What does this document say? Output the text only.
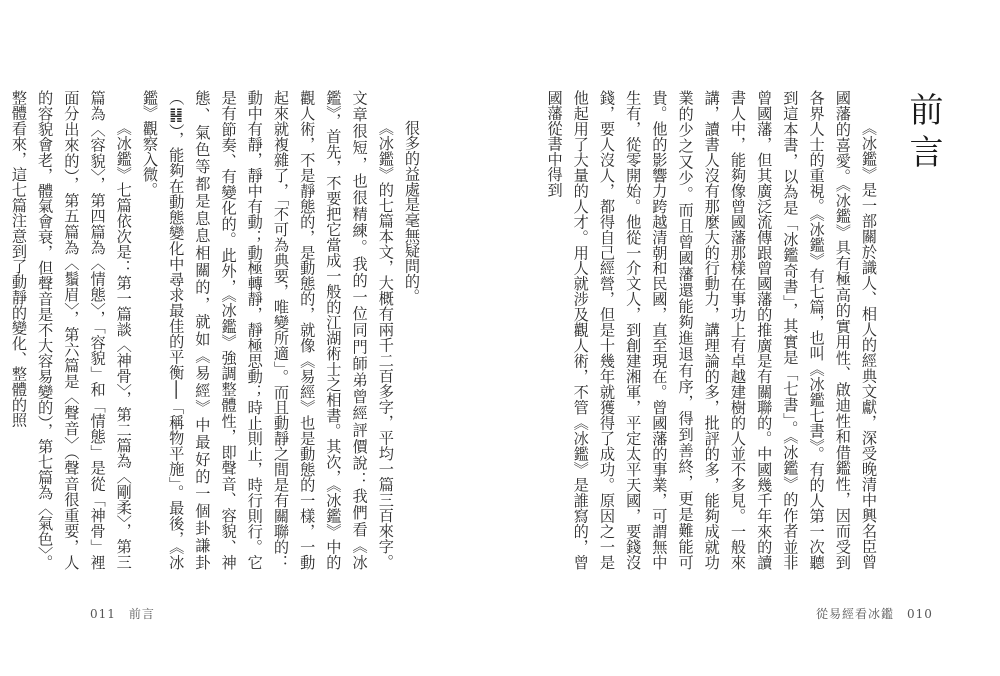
前言

《冰鑑》是一部關於識人、相人的經典文獻，深受晚清中興名臣曾國藩的喜愛。《冰鑑》具有極高的實用性、啟迪性和借鑑性，因而受到各界人士的重視。《冰鑑》有七篇，也叫《冰鑑七書》。有的人第一次聽到這本書，以為是「冰鑑奇書」，其實是「七書」。《冰鑑》的作者並非曾國藩，但其廣泛流傳跟曾國藩的推廣是有關聯的。中國幾千年來的讀書人中，能夠像曾國藩那樣在事功上有卓越建樹的人並不多見。一般來講，讀書人沒有那麼大的行動力，講理論的多，批評的多，能夠成就功業的少之又少。而且曾國藩還能夠進退有序，得到善終，更是難能可貴。他的影響力跨越清朝和民國，直至現在。曾國藩的事業，可謂無中生有，從零開始。他從一介文人，到創建湘軍，平定太平天國，要錢沒錢，要人沒人，都得自己經營，但是十幾年就獲得了成功。原因之一是他起用了大量的人才。用人就涉及觀人術，不管《冰鑑》是誰寫的，曾國藩從書中得到

從易經看冰鑑　010

很多的益處是毫無疑問的。

《冰鑑》的七篇本文，大概有兩千二百多字，平均一篇三百來字。文章很短，也很精練。我的一位同門師弟曾經評價說：我們看《冰鑑》，首先，不要把它當成一般的江湖術士之相書。其次，《冰鑑》中的觀人術，不是靜態的，是動態的，就像《易經》也是動態的一樣，一動起來就複雜了，「不可為典要，唯變所適」。而且動靜之間是有關聯的：動中有靜，靜中有動；動極轉靜，靜極思動；時止則止，時行則行。它是有節奏、有變化的。此外，《冰鑑》強調整體性，即聲音、容貌、神態、氣色等都是息息相關的，就如《易經》中最好的一個卦謙卦（䷎），能夠在動態變化中尋求最佳的平衡──「稱物平施」。最後，《冰鑑》觀察入微。

《冰鑑》七篇依次是：第一篇談〈神骨〉，第二篇為〈剛柔〉，第三篇為〈容貌〉，第四篇為〈情態〉，「容貌」和「情態」是從「神骨」裡面分出來的），第五篇為〈鬚眉〉，第六篇是〈聲音〉（聲音很重要，人的容貌會老，體氣會衰，但聲音是不大容易變的），第七篇為〈氣色〉。整體看來，這七篇注意到了動靜的變化、整體的照

011　前言
